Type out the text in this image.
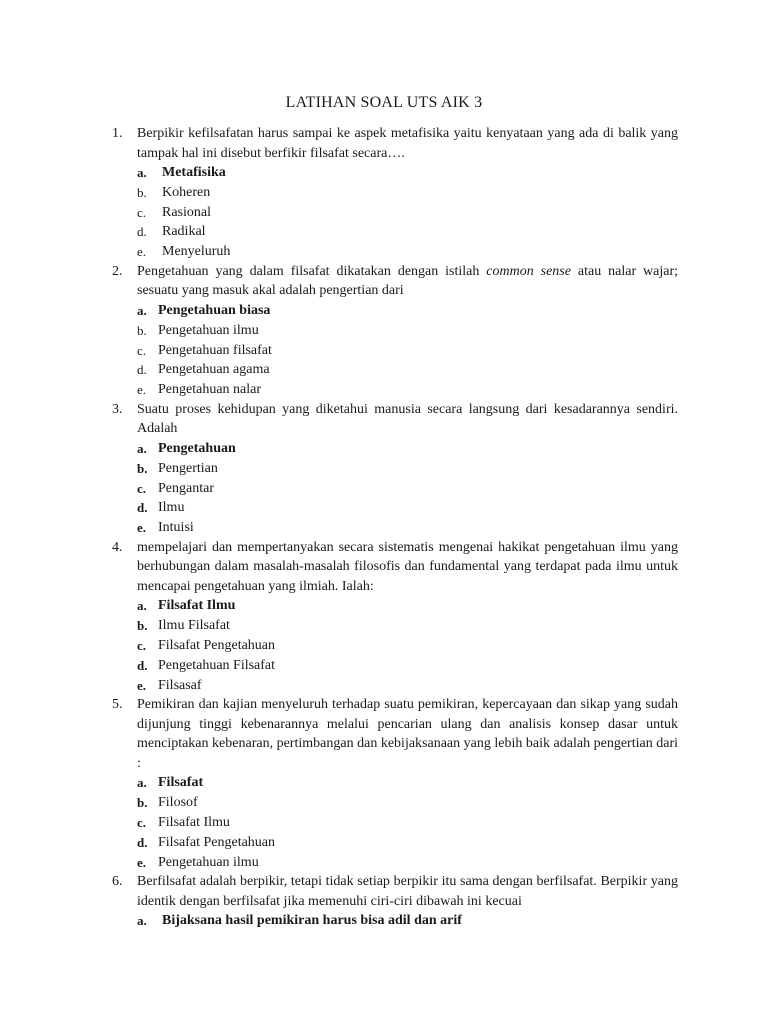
LATIHAN SOAL UTS AIK 3
1. Berpikir kefilsafatan harus sampai ke aspek metafisika yaitu kenyataan yang ada di balik yang tampak hal ini disebut berfikir filsafat secara….
a. Metafisika
b. Koheren
c. Rasional
d. Radikal
e. Menyeluruh
2. Pengetahuan yang dalam filsafat dikatakan dengan istilah common sense atau nalar wajar; sesuatu yang masuk akal adalah pengertian dari
a. Pengetahuan biasa
b. Pengetahuan ilmu
c. Pengetahuan filsafat
d. Pengetahuan agama
e. Pengetahuan nalar
3. Suatu proses kehidupan yang diketahui manusia secara langsung dari kesadarannya sendiri. Adalah
a. Pengetahuan
b. Pengertian
c. Pengantar
d. Ilmu
e. Intuisi
4. mempelajari dan mempertanyakan secara sistematis mengenai hakikat pengetahuan ilmu yang berhubungan dalam masalah-masalah filosofis dan fundamental yang terdapat pada ilmu untuk mencapai pengetahuan yang ilmiah. Ialah:
a. Filsafat Ilmu
b. Ilmu Filsafat
c. Filsafat Pengetahuan
d. Pengetahuan Filsafat
e. Filsasaf
5. Pemikiran dan kajian menyeluruh terhadap suatu pemikiran, kepercayaan dan sikap yang sudah dijunjung tinggi kebenarannya melalui pencarian ulang dan analisis konsep dasar untuk menciptakan kebenaran, pertimbangan dan kebijaksanaan yang lebih baik adalah pengertian dari :
a. Filsafat
b. Filosof
c. Filsafat Ilmu
d. Filsafat Pengetahuan
e. Pengetahuan ilmu
6. Berfilsafat adalah berpikir, tetapi tidak setiap berpikir itu sama dengan berfilsafat. Berpikir yang identik dengan berfilsafat jika memenuhi ciri-ciri dibawah ini kecuai
a. Bijaksana hasil pemikiran harus bisa adil dan arif
